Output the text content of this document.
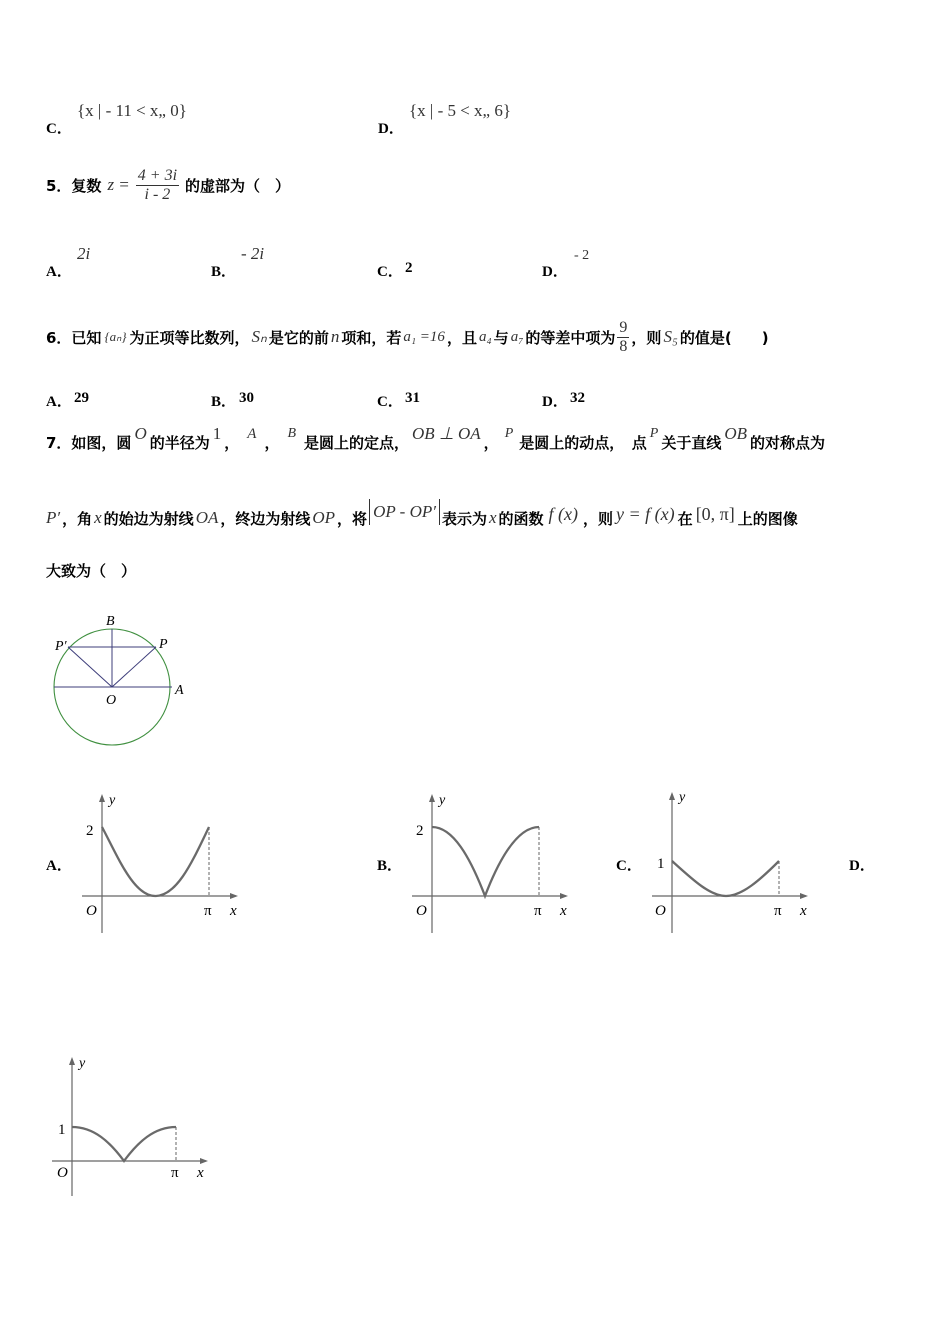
C．
{x | - 11 < x„ 0}
D．
{x | - 5 < x„ 6}
5．复数 $z = \frac{4 + 3i}{i - 2}$ 的虚部为（　）
A．
2i
B．
- 2i
C． 2	D．
- 2
6．已知 {aₙ} 为正项等比数列， Sₙ 是它的前 n 项和，若 a₁ =16 ，且 a₄ 与 a₇ 的等差中项为 $\frac{9}{8}$ ，则 S₅ 的值是(　　)
A． 29	B． 30	C． 31	D． 32
7．如图，圆 O 的半径为 1 ， A ， B 是圆上的定点， OB ⊥ OA ， P 是圆上的动点，　点 P 关于直线 OB 的对称点为
P′ ，角 x 的始边为射线 OA ，终边为射线 OP ，将 OP - OP′ 表示为 x 的函数 f (x) ，则 y = f (x) 在 [0, π] 上的图像
大致为（　）
P′
B
P
O
A
A．	B．	C．	D．
y
2
O	π x
y
2
O	π x
y
1
O	π x
y
1
O	π x
